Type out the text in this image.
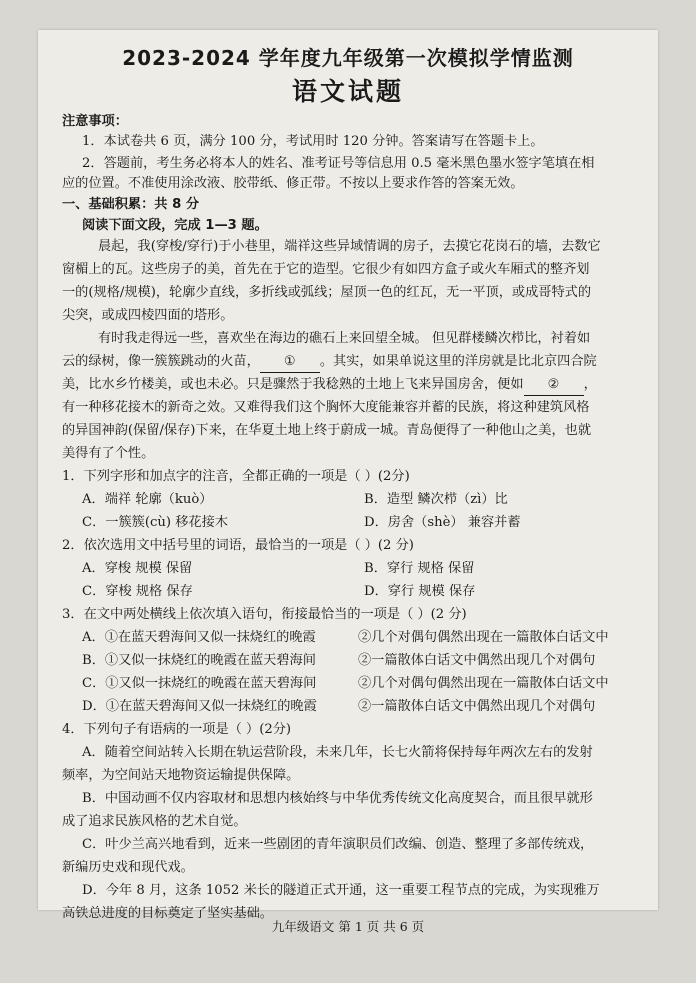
2023-2024 学年度九年级第一次模拟学情监测
语文试题
注意事项：
1．本试卷共 6 页，满分 100 分，考试用时 120 分钟。答案请写在答题卡上。
2．答题前，考生务必将本人的姓名、准考证号等信息用 0.5 毫米黑色墨水签字笔填在相
应的位置。不准使用涂改液、胶带纸、修正带。不按以上要求作答的答案无效。
一、基础积累：共 8 分
阅读下面文段，完成 1—3 题。
晨起，我(穿梭/穿行)于小巷里，端祥这些异域情调的房子，去摸它花岗石的墙，去数它
窗楣上的瓦。这些房子的美，首先在于它的造型。它很少有如四方盒子或火车厢式的整齐划
一的(规格/规模)，轮廓少直线，多折线或弧线；屋顶一色的红瓦，无一平顶，或成哥特式的
尖突，或成四棱四面的塔形。
有时我走得远一些，喜欢坐在海边的礁石上来回望全城。 但见群楼鳞次栉比，衬着如
云的绿树，像一簇簇跳动的火苗， ① 。其实，如果单说这里的洋房就是比北京四合院
美，比水乡竹楼美，或也未必。只是骤然于我稔熟的土地上飞来异国房舍，便如 ② ，
有一种移花接木的新奇之效。又难得我们这个胸怀大度能兼容并蓄的民族，将这种建筑风格
的异国神韵(保留/保存)下来，在华夏土地上终于蔚成一城。青岛便得了一种他山之美，也就
美得有了个性。
1．下列字形和加点字的注音，全都正确的一项是（ ）(2分)
A．端祥 轮廓（kuò）	B．造型 鳞次栉（zì）比
C．一簇簇(cù) 移花接木	D．房舍（shè） 兼容并蓄
2．依次选用文中括号里的词语，最恰当的一项是（ ）(2 分)
A．穿梭 规模 保留	B．穿行 规格 保留
C．穿梭 规格 保存	D．穿行 规模 保存
3．在文中两处横线上依次填入语句，衔接最恰当的一项是（ ）(2 分)
A．①在蓝天碧海间又似一抹烧红的晚霞	②几个对偶句偶然出现在一篇散体白话文中
B．①又似一抹烧红的晚霞在蓝天碧海间	②一篇散体白话文中偶然出现几个对偶句
C．①又似一抹烧红的晚霞在蓝天碧海间	②几个对偶句偶然出现在一篇散体白话文中
D．①在蓝天碧海间又似一抹烧红的晚霞	②一篇散体白话文中偶然出现几个对偶句
4．下列句子有语病的一项是（ ）(2分)
A．随着空间站转入长期在轨运营阶段，未来几年，长七火箭将保持每年两次左右的发射
频率，为空间站天地物资运输提供保障。
B．中国动画不仅内容取材和思想内核始终与中华优秀传统文化高度契合，而且很早就形
成了追求民族风格的艺术自觉。
C．叶少兰高兴地看到，近来一些剧团的青年演职员们改编、创造、整理了多部传统戏，
新编历史戏和现代戏。
D．今年 8 月，这条 1052 米长的隧道正式开通，这一重要工程节点的完成，为实现雅万
高铁总进度的目标奠定了坚实基础。
九年级语文 第 1 页 共 6 页
